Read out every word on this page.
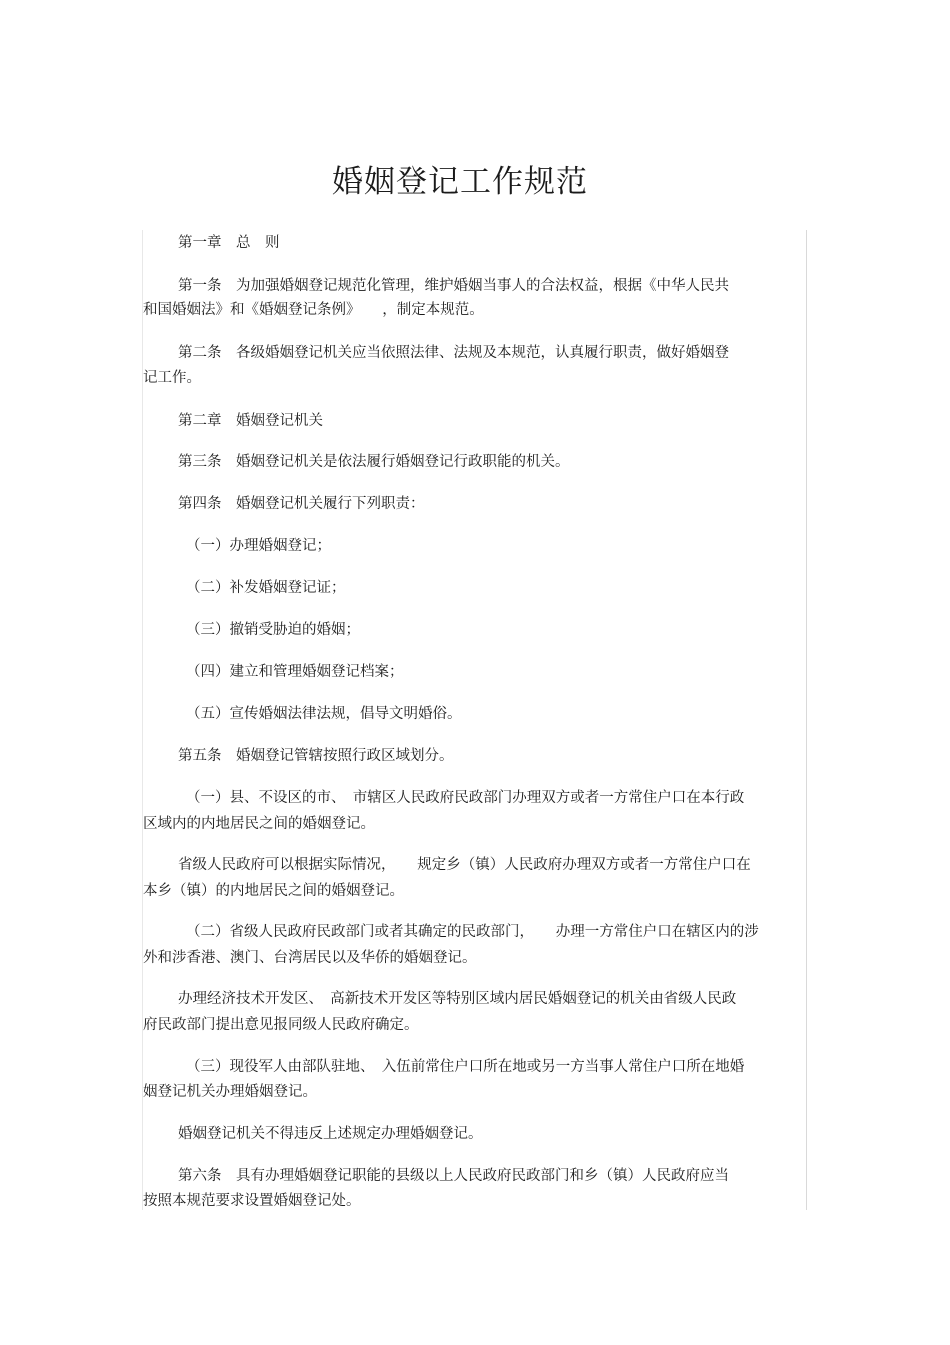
婚姻登记工作规范
第一章　总　则
第一条　为加强婚姻登记规范化管理，维护婚姻当事人的合法权益，根据《中华人民共
和国婚姻法》和《婚姻登记条例》　　，制定本规范。
第二条　各级婚姻登记机关应当依照法律、法规及本规范，认真履行职责，做好婚姻登
记工作。
第二章　婚姻登记机关
第三条　婚姻登记机关是依法履行婚姻登记行政职能的机关。
第四条　婚姻登记机关履行下列职责：
（一）办理婚姻登记；
（二）补发婚姻登记证；
（三）撤销受胁迫的婚姻；
（四）建立和管理婚姻登记档案；
（五）宣传婚姻法律法规，倡导文明婚俗。
第五条　婚姻登记管辖按照行政区域划分。
（一）县、不设区的市、　市辖区人民政府民政部门办理双方或者一方常住户口在本行政
区域内的内地居民之间的婚姻登记。
省级人民政府可以根据实际情况，　　规定乡（镇）人民政府办理双方或者一方常住户口在
本乡（镇）的内地居民之间的婚姻登记。
（二）省级人民政府民政部门或者其确定的民政部门，　　办理一方常住户口在辖区内的涉
外和涉香港、澳门、台湾居民以及华侨的婚姻登记。
办理经济技术开发区、　高新技术开发区等特别区域内居民婚姻登记的机关由省级人民政
府民政部门提出意见报同级人民政府确定。
（三）现役军人由部队驻地、　入伍前常住户口所在地或另一方当事人常住户口所在地婚
姻登记机关办理婚姻登记。
婚姻登记机关不得违反上述规定办理婚姻登记。
第六条　具有办理婚姻登记职能的县级以上人民政府民政部门和乡（镇）人民政府应当
按照本规范要求设置婚姻登记处。
